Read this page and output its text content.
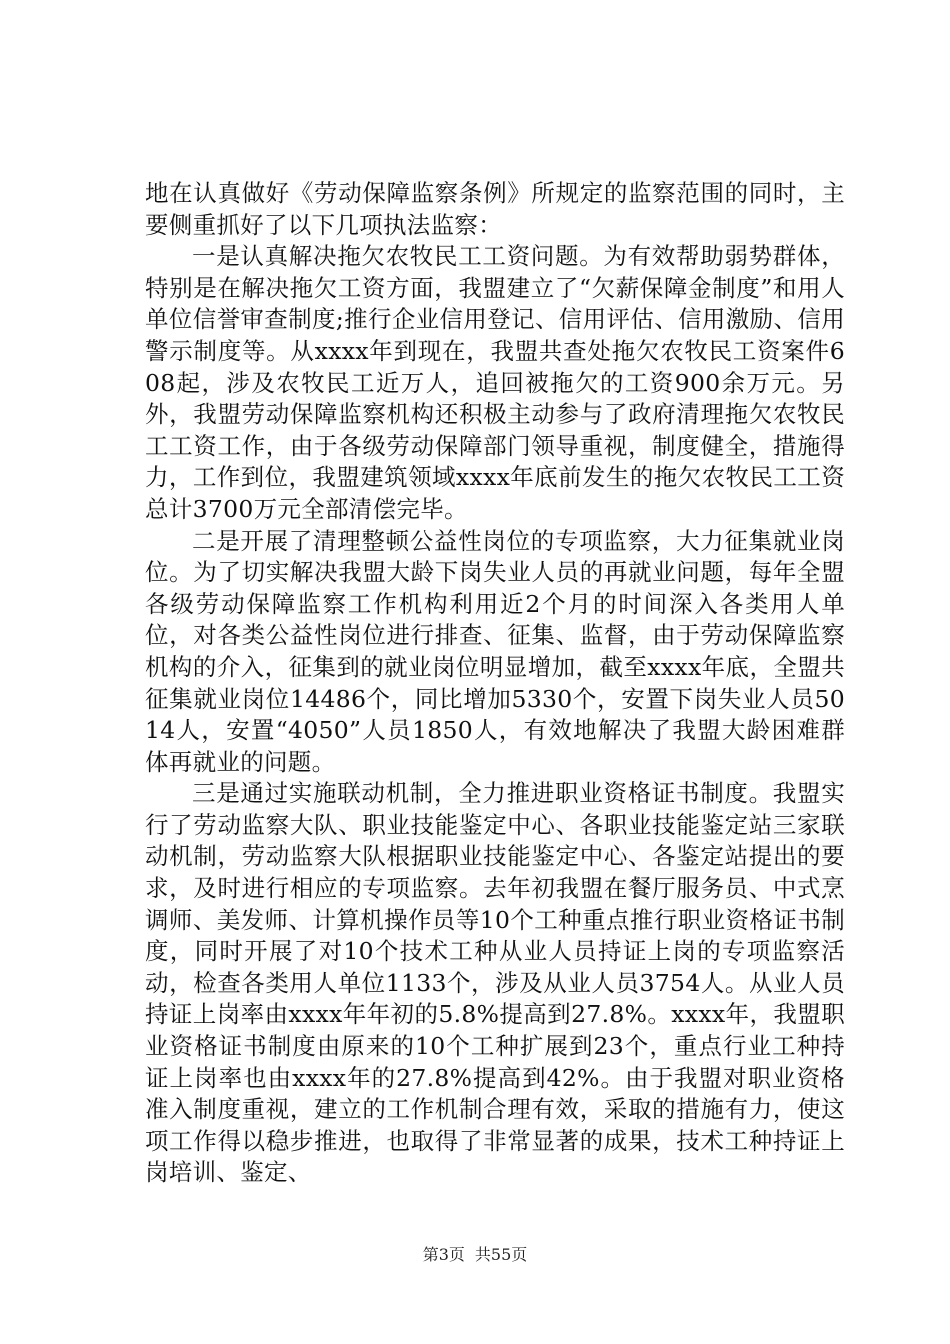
地在认真做好《劳动保障监察条例》所规定的监察范围的同时，主要侧重抓好了以下几项执法监察：

一是认真解决拖欠农牧民工工资问题。为有效帮助弱势群体，特别是在解决拖欠工资方面，我盟建立了“欠薪保障金制度”和用人单位信誉审查制度;推行企业信用登记、信用评估、信用激励、信用警示制度等。从xxxx年到现在，我盟共查处拖欠农牧民工资案件608起，涉及农牧民工近万人，追回被拖欠的工资900余万元。另外，我盟劳动保障监察机构还积极主动参与了政府清理拖欠农牧民工工资工作，由于各级劳动保障部门领导重视，制度健全，措施得力，工作到位，我盟建筑领域xxxx年底前发生的拖欠农牧民工工资总计3700万元全部清偿完毕。

二是开展了清理整顿公益性岗位的专项监察，大力征集就业岗位。为了切实解决我盟大龄下岗失业人员的再就业问题，每年全盟各级劳动保障监察工作机构利用近2个月的时间深入各类用人单位，对各类公益性岗位进行排查、征集、监督，由于劳动保障监察机构的介入，征集到的就业岗位明显增加，截至xxxx年底，全盟共征集就业岗位14486个，同比增加5330个，安置下岗失业人员5014人，安置“4050”人员1850人，有效地解决了我盟大龄困难群体再就业的问题。

三是通过实施联动机制，全力推进职业资格证书制度。我盟实行了劳动监察大队、职业技能鉴定中心、各职业技能鉴定站三家联动机制，劳动监察大队根据职业技能鉴定中心、各鉴定站提出的要求，及时进行相应的专项监察。去年初我盟在餐厅服务员、中式烹调师、美发师、计算机操作员等10个工种重点推行职业资格证书制度，同时开展了对10个技术工种从业人员持证上岗的专项监察活动，检查各类用人单位1133个，涉及从业人员3754人。从业人员持证上岗率由xxxx年年初的5.8%提高到27.8%。xxxx年，我盟职业资格证书制度由原来的10个工种扩展到23个，重点行业工种持证上岗率也由xxxx年的27.8%提高到42%。由于我盟对职业资格准入制度重视，建立的工作机制合理有效，采取的措施有力，使这项工作得以稳步推进，也取得了非常显著的成果，技术工种持证上岗培训、鉴定、

第3页 共55页
